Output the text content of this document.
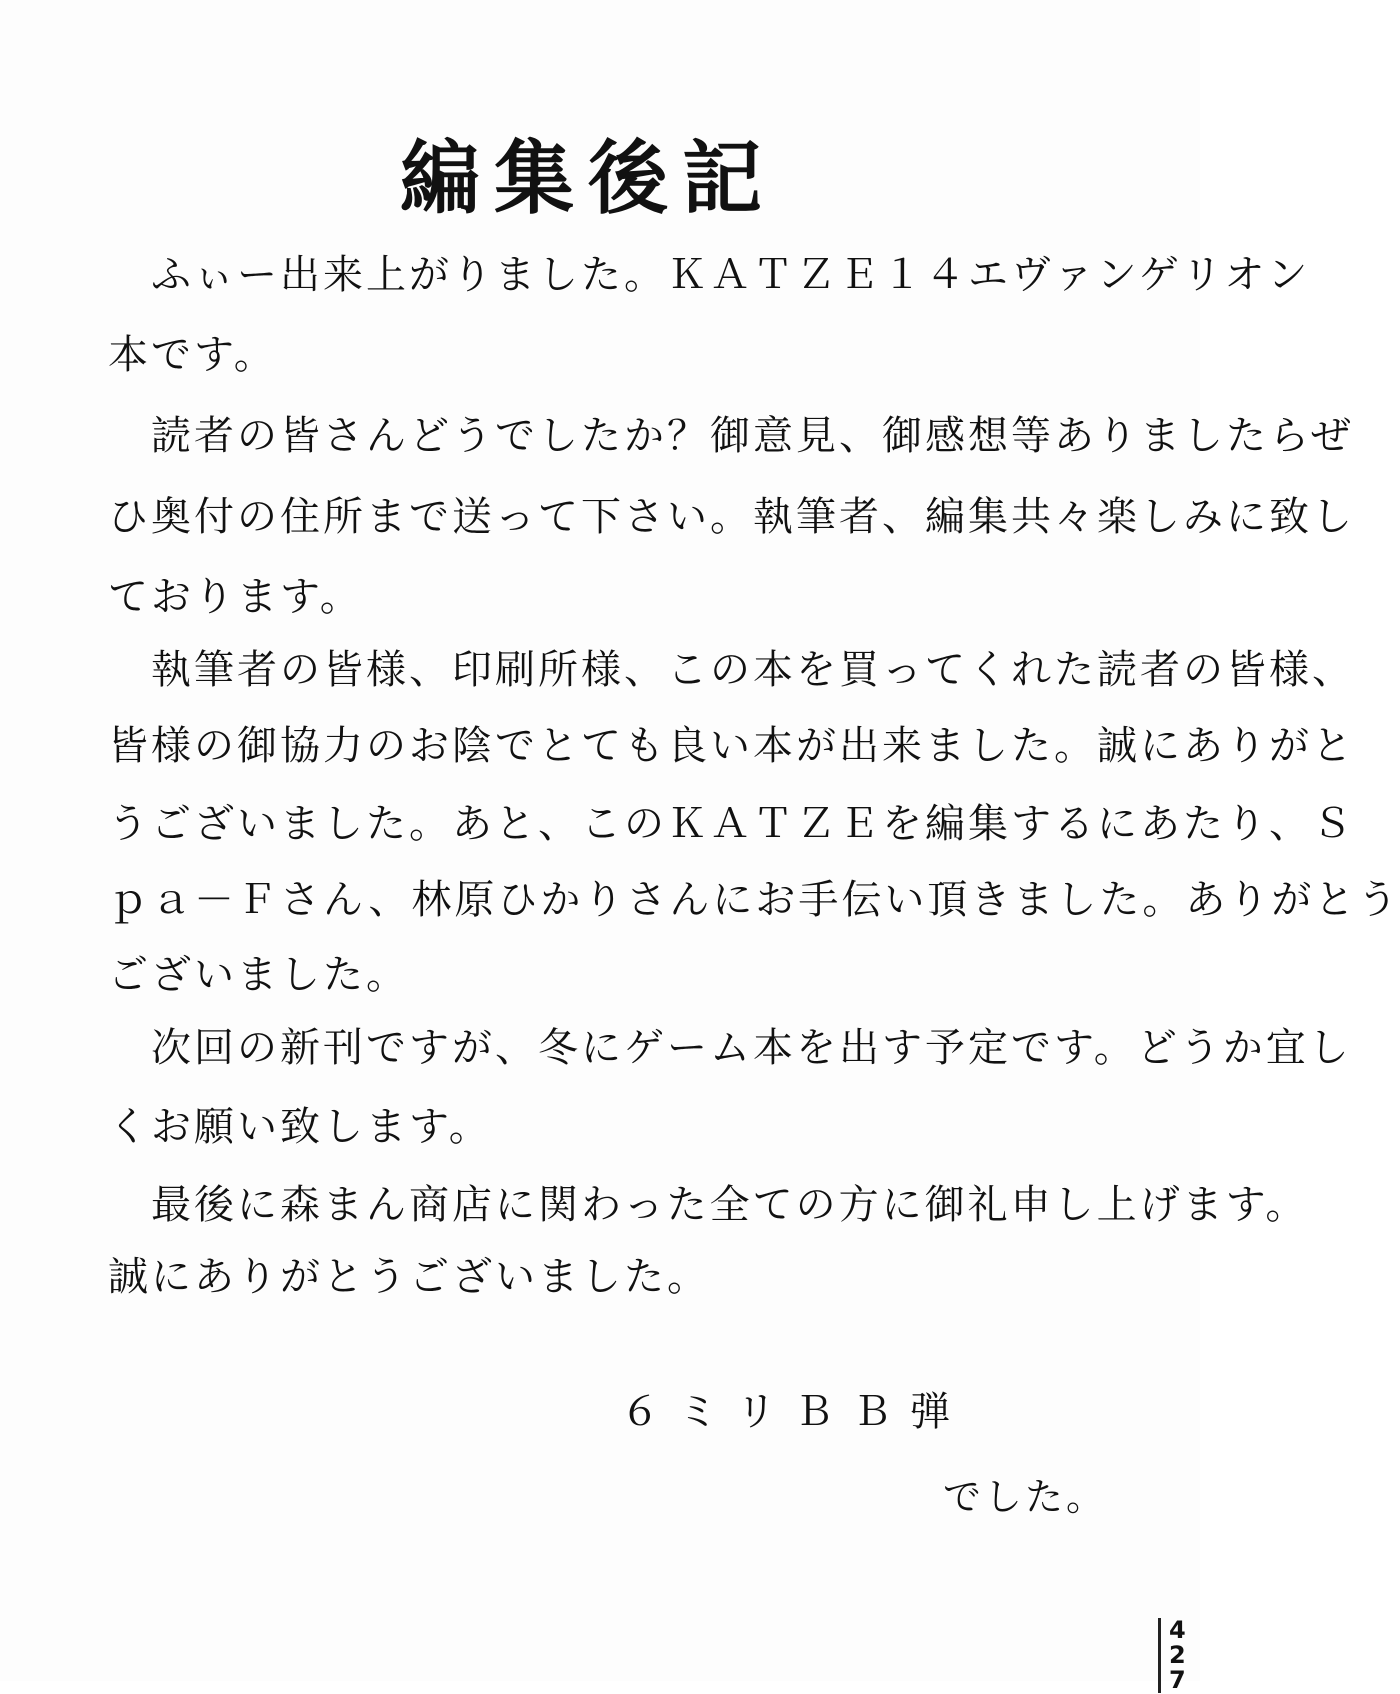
編集後記
　ふぃー出来上がりました。ＫＡＴＺＥ１４エヴァンゲリオン
本です。
　読者の皆さんどうでしたか？御意見、御感想等ありましたらぜ
ひ奥付の住所まで送って下さい。執筆者、編集共々楽しみに致し
ております。
　執筆者の皆様、印刷所様、この本を買ってくれた読者の皆様、
皆様の御協力のお陰でとても良い本が出来ました。誠にありがと
うございました。あと、このＫＡＴＺＥを編集するにあたり、Ｓ
ｐａ－Ｆさん、林原ひかりさんにお手伝い頂きました。ありがとう
ございました。
　次回の新刊ですが、冬にゲーム本を出す予定です。どうか宜し
くお願い致します。
　最後に森まん商店に関わった全ての方に御礼申し上げます。
誠にありがとうございました。
６ミリＢＢ弾
でした。
4
2
7
